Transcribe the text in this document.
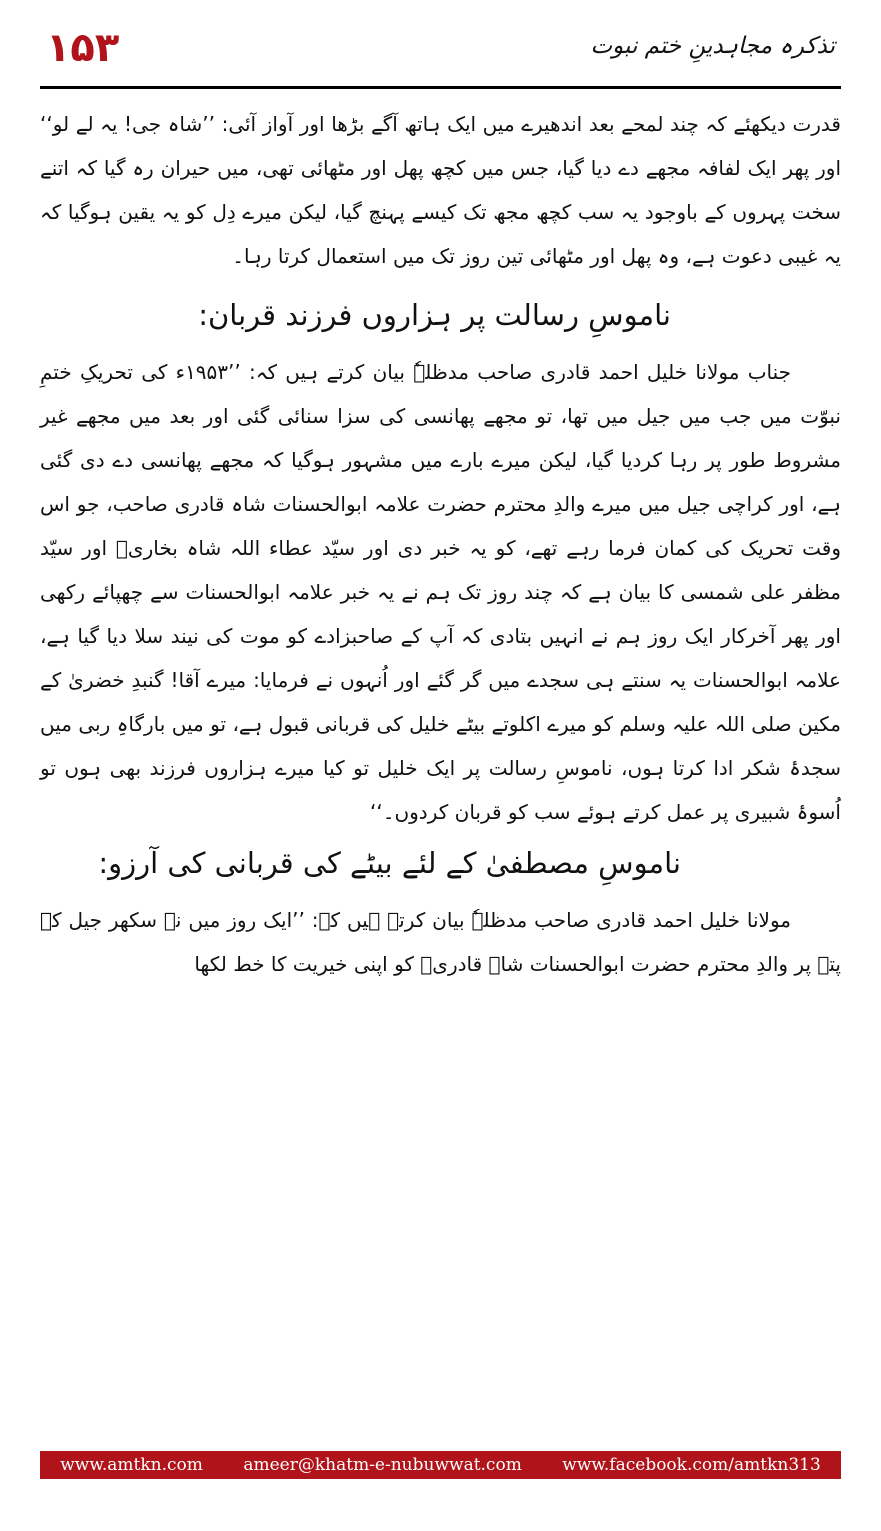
۱۵۳	تذکرہ مجاہدینِ ختم نبوت

قدرت دیکھئے کہ چند لمحے بعد اندھیرے میں ایک ہاتھ آگے بڑھا اور آواز آئی: ’’شاہ جی! یہ لے لو‘‘ اور پھر ایک لفافہ مجھے دے دیا گیا، جس میں کچھ پھل اور مٹھائی تھی، میں حیران رہ گیا کہ اتنے سخت پہروں کے باوجود یہ سب کچھ مجھ تک کیسے پہنچ گیا، لیکن میرے دِل کو یہ یقین ہوگیا کہ یہ غیبی دعوت ہے، وہ پھل اور مٹھائی تین روز تک میں استعمال کرتا رہا۔

ناموسِ رسالت پر ہزاروں فرزند قربان:

جناب مولانا خلیل احمد قادری صاحب مدظلہٗ بیان کرتے ہیں کہ: ’’۱۹۵۳ء کی تحریکِ ختمِ نبوّت میں جب میں جیل میں تھا، تو مجھے پھانسی کی سزا سنائی گئی اور بعد میں مجھے غیر مشروط طور پر رہا کردیا گیا، لیکن میرے بارے میں مشہور ہوگیا کہ مجھے پھانسی دے دی گئی ہے، اور کراچی جیل میں میرے والدِ محترم حضرت علامہ ابوالحسنات شاہ قادری صاحب، جو اس وقت تحریک کی کمان فرما رہے تھے، کو یہ خبر دی اور سیّد عطاء اللہ شاہ بخاریؒ اور سیّد مظفر علی شمسی کا بیان ہے کہ چند روز تک ہم نے یہ خبر علامہ ابوالحسنات سے چھپائے رکھی اور پھر آخرکار ایک روز ہم نے انہیں بتادی کہ آپ کے صاحبزادے کو موت کی نیند سلا دیا گیا ہے، علامہ ابوالحسنات یہ سنتے ہی سجدے میں گر گئے اور اُنہوں نے فرمایا: میرے آقا! گنبدِ خضریٰ کے مکین صلی اللہ علیہ وسلم کو میرے اکلوتے بیٹے خلیل کی قربانی قبول ہے، تو میں بارگاہِ ربی میں سجدۂ شکر ادا کرتا ہوں، ناموسِ رسالت پر ایک خلیل تو کیا میرے ہزاروں فرزند بھی ہوں تو اُسوۂ شبیری پر عمل کرتے ہوئے سب کو قربان کردوں۔‘‘

ناموسِ مصطفیٰ کے لئے بیٹے کی قربانی کی آرزو:

مولانا خلیل احمد قادری صاحب مدظلہٗ بیان کرتے ہیں کہ: ’’ایک روز میں نے سکھر جیل کے پتے پر والدِ محترم حضرت ابوالحسنات شاہ قادریؒ کو اپنی خیریت کا خط لکھا

www.amtkn.com ameer@khatm-e-nubuwwat.com www.facebook.com/amtkn313
